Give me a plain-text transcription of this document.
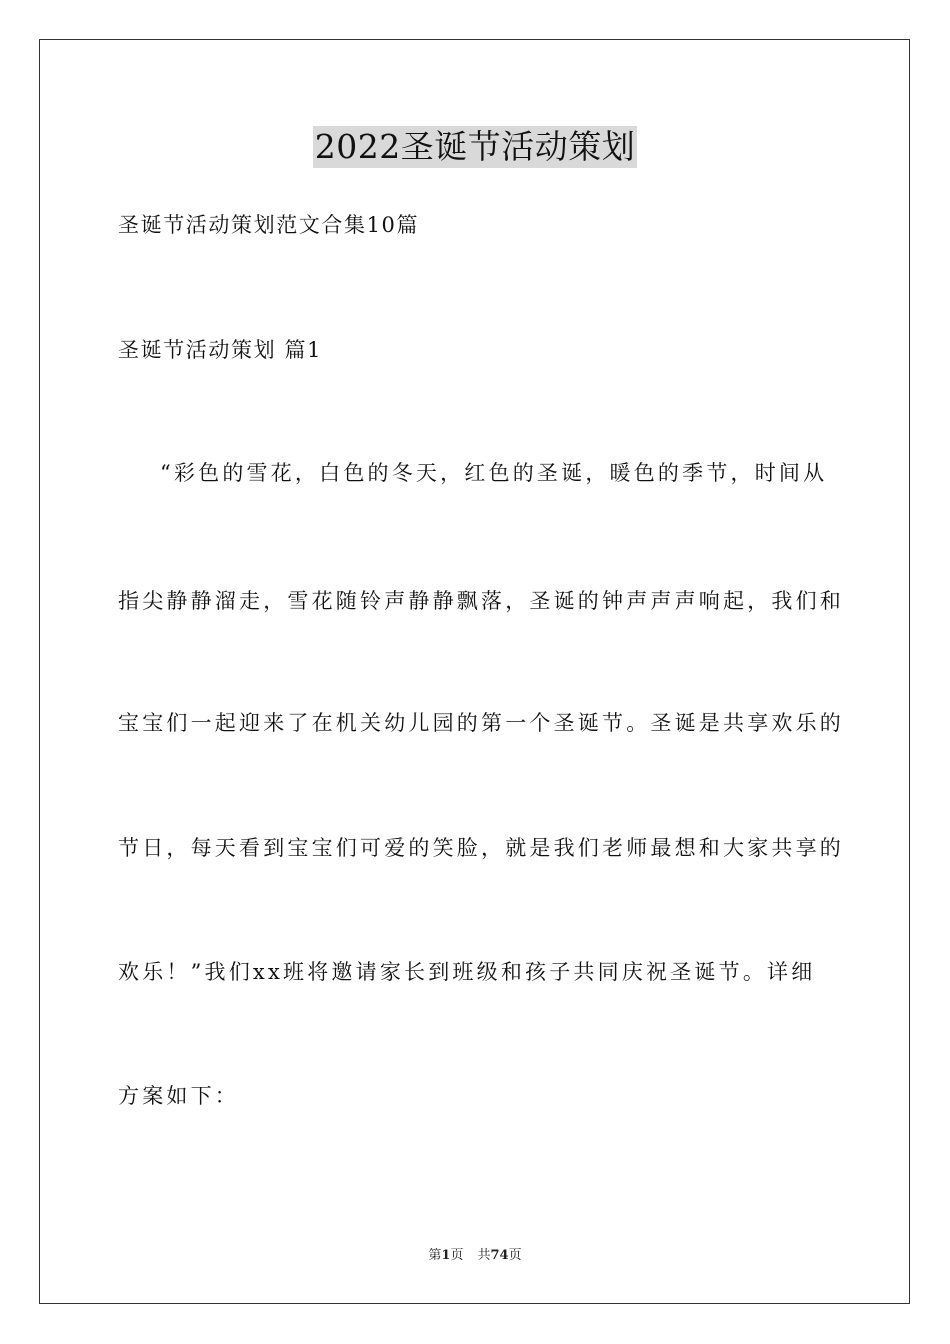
2022圣诞节活动策划
圣诞节活动策划范文合集10篇
圣诞节活动策划 篇1
“彩色的雪花，白色的冬天，红色的圣诞，暖色的季节，时间从
指尖静静溜走，雪花随铃声静静飘落，圣诞的钟声声声响起，我们和
宝宝们一起迎来了在机关幼儿园的第一个圣诞节。圣诞是共享欢乐的
节日，每天看到宝宝们可爱的笑脸，就是我们老师最想和大家共享的
欢乐！”我们xx班将邀请家长到班级和孩子共同庆祝圣诞节。详细
方案如下：
第1页 共74页
